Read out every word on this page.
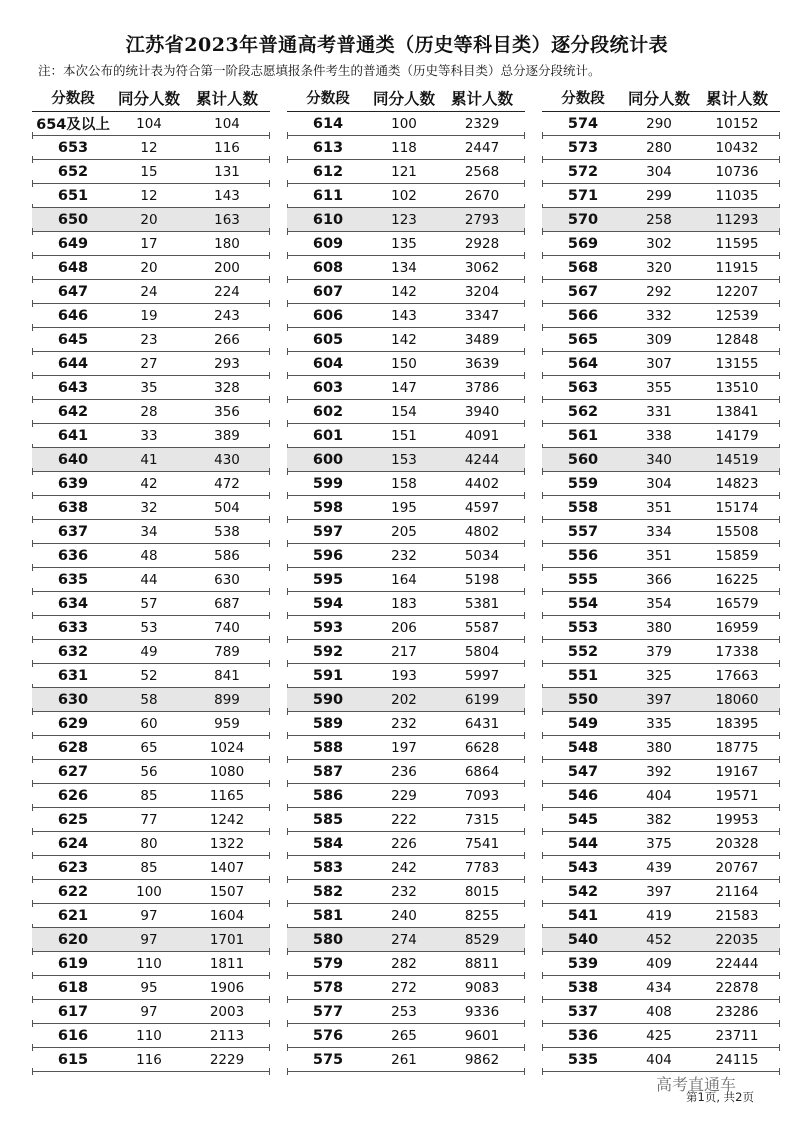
江苏省2023年普通高考普通类（历史等科目类）逐分段统计表
注：本次公布的统计表为符合第一阶段志愿填报条件考生的普通类（历史等科目类）总分逐分段统计。
分数段	同分人数	累计人数
654及以上	104	104
653	12	116
652	15	131
651	12	143
650	20	163
649	17	180
648	20	200
647	24	224
646	19	243
645	23	266
644	27	293
643	35	328
642	28	356
641	33	389
640	41	430
639	42	472
638	32	504
637	34	538
636	48	586
635	44	630
634	57	687
633	53	740
632	49	789
631	52	841
630	58	899
629	60	959
628	65	1024
627	56	1080
626	85	1165
625	77	1242
624	80	1322
623	85	1407
622	100	1507
621	97	1604
620	97	1701
619	110	1811
618	95	1906
617	97	2003
616	110	2113
615	116	2229
分数段	同分人数	累计人数
614	100	2329
613	118	2447
612	121	2568
611	102	2670
610	123	2793
609	135	2928
608	134	3062
607	142	3204
606	143	3347
605	142	3489
604	150	3639
603	147	3786
602	154	3940
601	151	4091
600	153	4244
599	158	4402
598	195	4597
597	205	4802
596	232	5034
595	164	5198
594	183	5381
593	206	5587
592	217	5804
591	193	5997
590	202	6199
589	232	6431
588	197	6628
587	236	6864
586	229	7093
585	222	7315
584	226	7541
583	242	7783
582	232	8015
581	240	8255
580	274	8529
579	282	8811
578	272	9083
577	253	9336
576	265	9601
575	261	9862
分数段	同分人数	累计人数
574	290	10152
573	280	10432
572	304	10736
571	299	11035
570	258	11293
569	302	11595
568	320	11915
567	292	12207
566	332	12539
565	309	12848
564	307	13155
563	355	13510
562	331	13841
561	338	14179
560	340	14519
559	304	14823
558	351	15174
557	334	15508
556	351	15859
555	366	16225
554	354	16579
553	380	16959
552	379	17338
551	325	17663
550	397	18060
549	335	18395
548	380	18775
547	392	19167
546	404	19571
545	382	19953
544	375	20328
543	439	20767
542	397	21164
541	419	21583
540	452	22035
539	409	22444
538	434	22878
537	408	23286
536	425	23711
535	404	24115
高考直通车
第1页, 共2页
